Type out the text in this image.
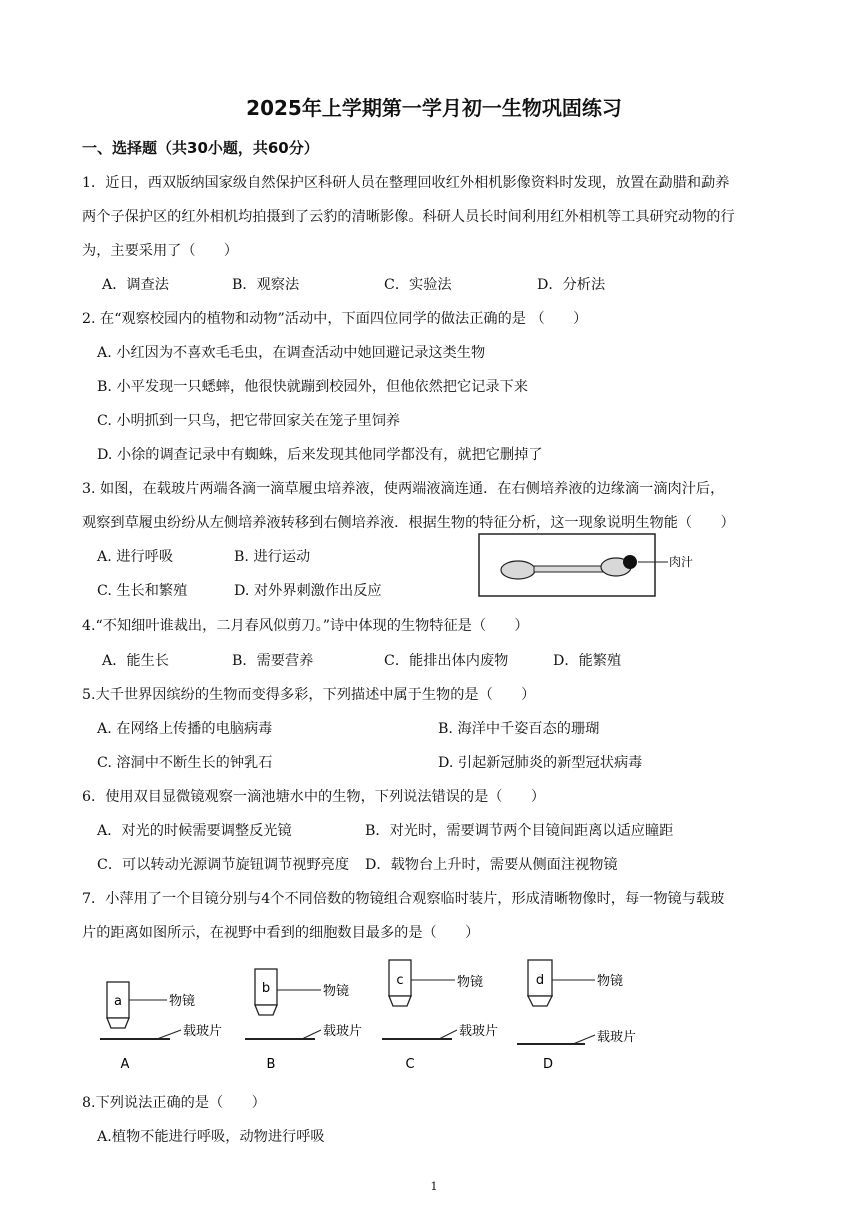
2025年上学期第一学月初一生物巩固练习
一、选择题（共30小题，共60分）
1．近日，西双版纳国家级自然保护区科研人员在整理回收红外相机影像资料时发现，放置在勐腊和勐养
两个子保护区的红外相机均拍摄到了云豹的清晰影像。科研人员长时间利用红外相机等工具研究动物的行
为，主要采用了（　　）
A．调查法	B．观察法	C．实验法	D．分析法
2. 在“观察校园内的植物和动物”活动中，下面四位同学的做法正确的是 （　　）
A. 小红因为不喜欢毛毛虫，在调查活动中她回避记录这类生物
B. 小平发现一只蟋蟀，他很快就蹦到校园外，但他依然把它记录下来
C. 小明抓到一只鸟，把它带回家关在笼子里饲养
D. 小徐的调查记录中有蜘蛛，后来发现其他同学都没有，就把它删掉了
3. 如图，在载玻片两端各滴一滴草履虫培养液，使两端液滴连通．在右侧培养液的边缘滴一滴肉汁后，
观察到草履虫纷纷从左侧培养液转移到右侧培养液．根据生物的特征分析，这一现象说明生物能（　　）
A. 进行呼吸	B. 进行运动
C. 生长和繁殖	D. 对外界刺激作出反应
肉汁
4.“不知细叶谁裁出，二月春风似剪刀。”诗中体现的生物特征是（　　）
A．能生长	B．需要营养	C．能排出体内废物	D．能繁殖
5.大千世界因缤纷的生物而变得多彩，下列描述中属于生物的是（　　）
A. 在网络上传播的电脑病毒	B. 海洋中千姿百态的珊瑚
C. 溶洞中不断生长的钟乳石	D. 引起新冠肺炎的新型冠状病毒
6．使用双目显微镜观察一滴池塘水中的生物，下列说法错误的是（　　）
A．对光的时候需要调整反光镜	B．对光时，需要调节两个目镜间距离以适应瞳距
C．可以转动光源调节旋钮调节视野亮度 D．载物台上升时，需要从侧面注视物镜
7．小萍用了一个目镜分别与4个不同倍数的物镜组合观察临时装片，形成清晰物像时，每一物镜与载玻
片的距离如图所示，在视野中看到的细胞数目最多的是（　　）
a	物镜
载玻片
A
b	物镜
载玻片
B
c	物镜
载玻片
C
d	物镜
载玻片
D
8.下列说法正确的是（　　）
A.植物不能进行呼吸，动物进行呼吸
1
